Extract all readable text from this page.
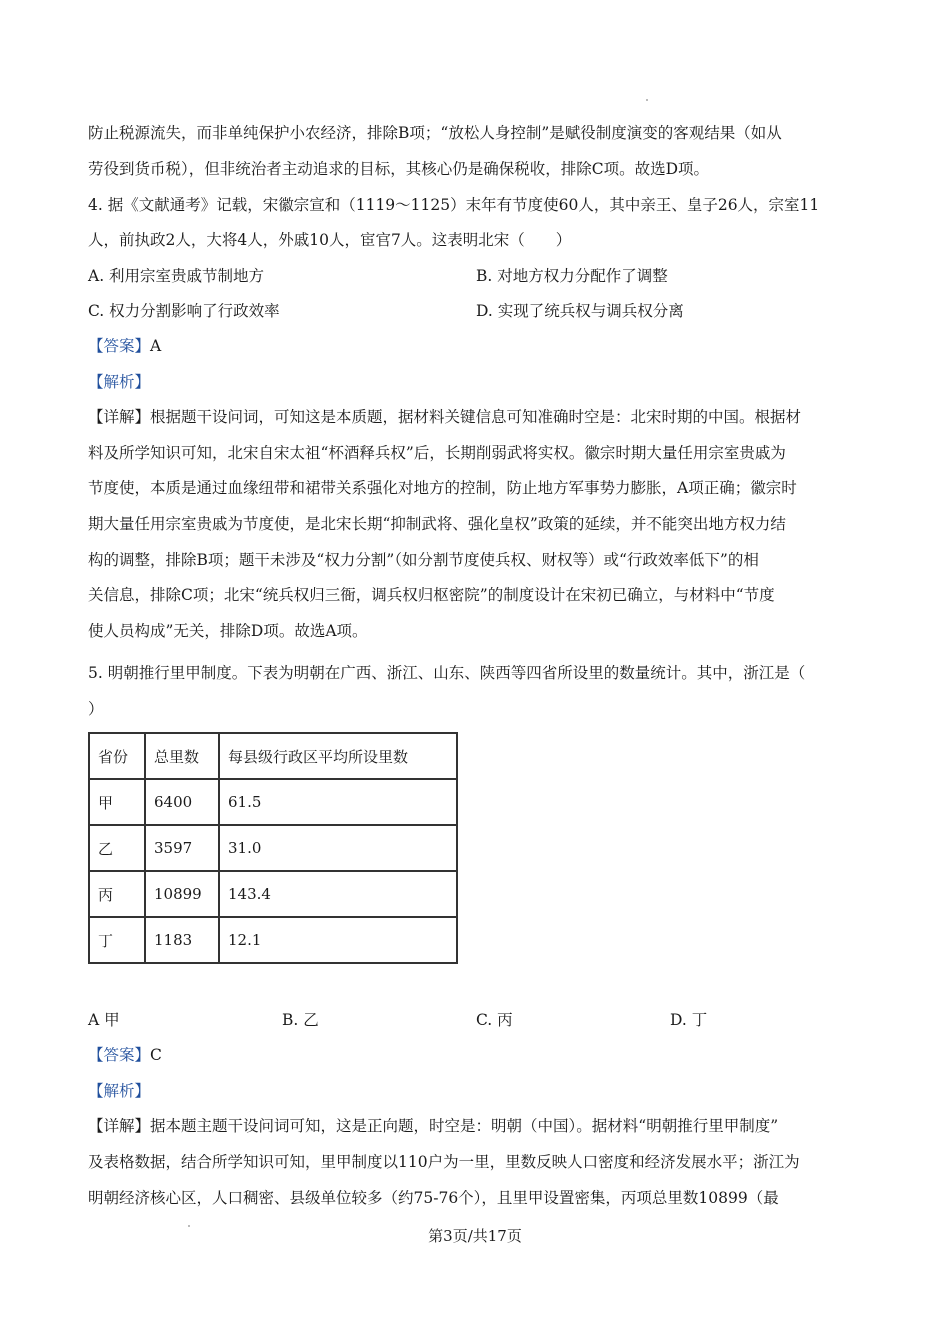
防止税源流失，而非单纯保护小农经济，排除B项；“放松人身控制”是赋役制度演变的客观结果（如从
劳役到货币税），但非统治者主动追求的目标，其核心仍是确保税收，排除C项。故选D项。
4. 据《文献通考》记载，宋徽宗宣和（1119～1125）末年有节度使60人，其中亲王、皇子26人，宗室11
人，前执政2人，大将4人，外戚10人，宦官7人。这表明北宋（　　）
A. 利用宗室贵戚节制地方	B. 对地方权力分配作了调整
C. 权力分割影响了行政效率	D. 实现了统兵权与调兵权分离
【答案】A
【解析】
【详解】根据题干设问词，可知这是本质题，据材料关键信息可知准确时空是：北宋时期的中国。根据材
料及所学知识可知，北宋自宋太祖“杯酒释兵权”后，长期削弱武将实权。徽宗时期大量任用宗室贵戚为
节度使，本质是通过血缘纽带和裙带关系强化对地方的控制，防止地方军事势力膨胀，A项正确；徽宗时
期大量任用宗室贵戚为节度使，是北宋长期“抑制武将、强化皇权”政策的延续，并不能突出地方权力结
构的调整，排除B项；题干未涉及“权力分割”（如分割节度使兵权、财权等）或“行政效率低下”的相
关信息，排除C项；北宋“统兵权归三衙，调兵权归枢密院”的制度设计在宋初已确立，与材料中“节度
使人员构成”无关，排除D项。故选A项。
5. 明朝推行里甲制度。下表为明朝在广西、浙江、山东、陕西等四省所设里的数量统计。其中，浙江是（
）
省份	总里数	每县级行政区平均所设里数
甲	6400	61.5
乙	3597	31.0
丙	10899	143.4
丁	1183	12.1
A 甲	B. 乙	C. 丙	D. 丁
【答案】C
【解析】
【详解】据本题主题干设问词可知，这是正向题，时空是：明朝（中国）。据材料“明朝推行里甲制度”
及表格数据，结合所学知识可知，里甲制度以110户为一里，里数反映人口密度和经济发展水平；浙江为
明朝经济核心区，人口稠密、县级单位较多（约75-76个），且里甲设置密集，丙项总里数10899（最
第3页/共17页
